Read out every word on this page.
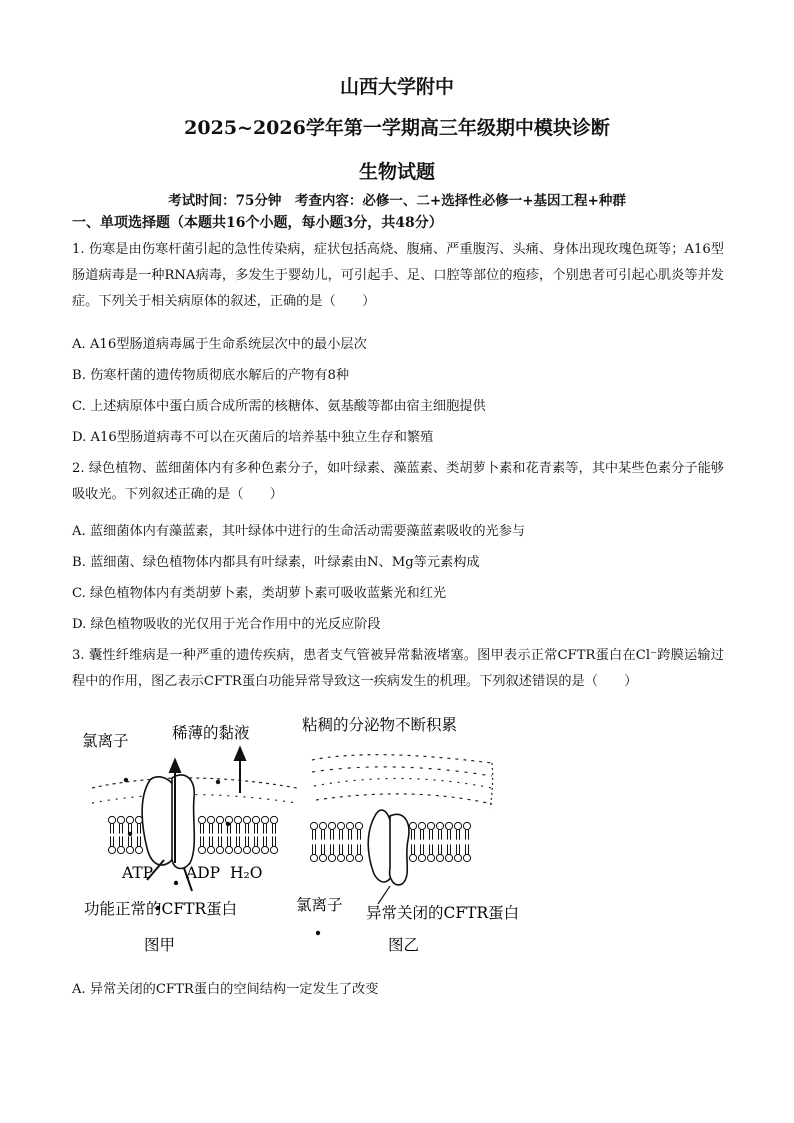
山西大学附中
2025~2026学年第一学期高三年级期中模块诊断
生物试题
考试时间：75分钟　考查内容：必修一、二+选择性必修一+基因工程+种群
一、单项选择题（本题共16个小题，每小题3分，共48分）
1. 伤寒是由伤寒杆菌引起的急性传染病，症状包括高烧、腹痛、严重腹泻、头痛、身体出现玫瑰色斑等；A16型肠道病毒是一种RNA病毒，多发生于婴幼儿，可引起手、足、口腔等部位的疱疹，个别患者可引起心肌炎等并发症。下列关于相关病原体的叙述，正确的是（　　）
A. A16型肠道病毒属于生命系统层次中的最小层次
B. 伤寒杆菌的遗传物质彻底水解后的产物有8种
C. 上述病原体中蛋白质合成所需的核糖体、氨基酸等都由宿主细胞提供
D. A16型肠道病毒不可以在灭菌后的培养基中独立生存和繁殖
2. 绿色植物、蓝细菌体内有多种色素分子，如叶绿素、藻蓝素、类胡萝卜素和花青素等，其中某些色素分子能够吸收光。下列叙述正确的是（　　）
A. 蓝细菌体内有藻蓝素，其叶绿体中进行的生命活动需要藻蓝素吸收的光参与
B. 蓝细菌、绿色植物体内都具有叶绿素，叶绿素由N、Mg等元素构成
C. 绿色植物体内有类胡萝卜素，类胡萝卜素可吸收蓝紫光和红光
D. 绿色植物吸收的光仅用于光合作用中的光反应阶段
3. 囊性纤维病是一种严重的遗传疾病，患者支气管被异常黏液堵塞。图甲表示正常CFTR蛋白在Cl⁻跨膜运输过程中的作用，图乙表示CFTR蛋白功能异常导致这一疾病发生的机理。下列叙述错误的是（　　）
氯离子	稀薄的黏液
ATP ADP H₂O
功能正常的CFTR蛋白
图甲
粘稠的分泌物不断积累
氯离子 异常关闭的CFTR蛋白
图乙
A. 异常关闭的CFTR蛋白的空间结构一定发生了改变
